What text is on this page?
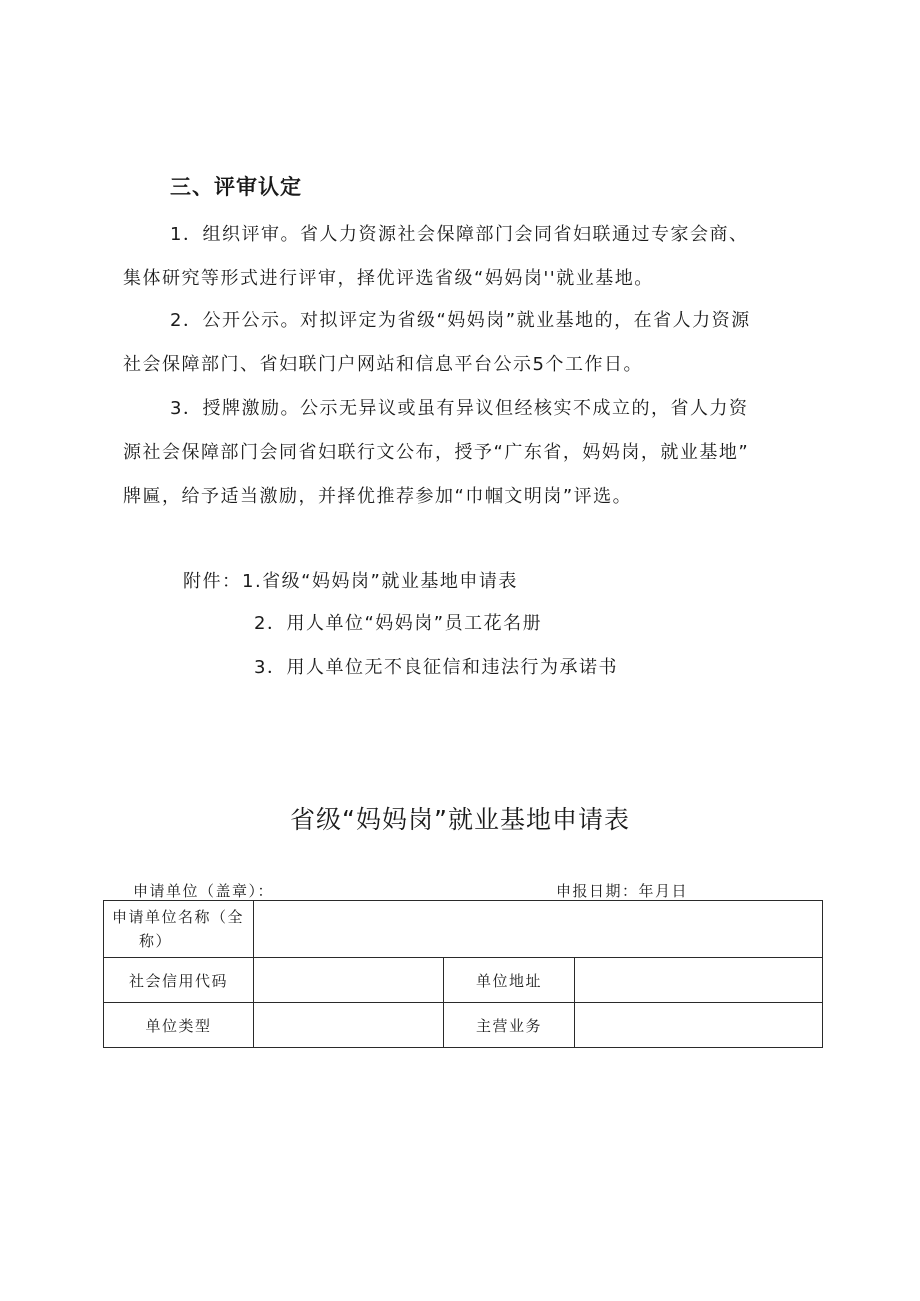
三、评审认定
1．组织评审。省人力资源社会保障部门会同省妇联通过专家会商、
集体研究等形式进行评审，择优评选省级“妈妈岗''就业基地。
2．公开公示。对拟评定为省级“妈妈岗”就业基地的，在省人力资源
社会保障部门、省妇联门户网站和信息平台公示5个工作日。
3．授牌激励。公示无异议或虽有异议但经核实不成立的，省人力资
源社会保障部门会同省妇联行文公布，授予“广东省，妈妈岗，就业基地”
牌匾，给予适当激励，并择优推荐参加“巾帼文明岗”评选。
附件： 1.省级“妈妈岗”就业基地申请表
2．用人单位“妈妈岗”员工花名册
3．用人单位无不良征信和违法行为承诺书
省级“妈妈岗”就业基地申请表
申请单位（盖章）：	申报日期：年月日
申请单位名称（全
称）			

社会信用代码		单位地址	
单位类型		主营业务	
